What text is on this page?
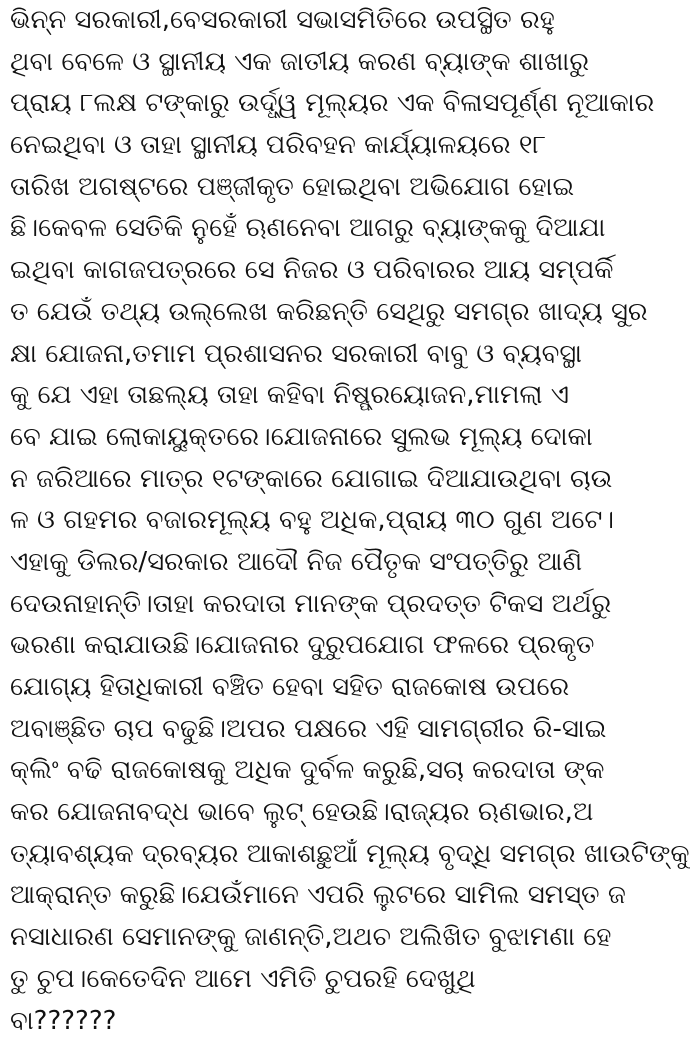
ଭିନ୍ନ ସରକାରୀ,ବେସରକାରୀ ସଭାସମିତିରେ ଉପସ୍ଥିତ ରହୁ
ଥିବା ବେଳେ ଓ ସ୍ଥାନୀୟ ଏକ ଜାତୀୟ କରଣ ବ୍ୟାଙ୍କ ଶାଖାରୁ
ପ୍ରାୟ ୮ଲକ୍ଷ ଟଙ୍କାରୁ ଉର୍ଦ୍ଧ୍ୱ ମୂଲ୍ୟର ଏକ ବିଳାସପୂର୍ଣ୍ଣ ନୂଆକାର
ନେଇଥିବା ଓ ତାହା ସ୍ଥାନୀୟ ପରିବହନ କାର୍ଯ୍ୟାଳୟରେ ୧୮
ତାରିଖ ଅଗଷ୍ଟରେ ପଞ୍ଜୀକୃତ ହୋଇଥିବା ଅଭିଯୋଗ ହୋଇ
ଛି।କେବଳ ସେତିକି ନୁହେଁ ଋଣନେବା ଆଗରୁ ବ୍ୟାଙ୍କକୁ ଦିଆଯା
ଇଥିବା କାଗଜପତ୍ରରେ ସେ ନିଜର ଓ ପରିବାରର ଆୟ ସମ୍ପର୍କି
ତ ଯେଉଁ ତଥ୍ୟ ଉଲ୍ଲେଖ କରିଛନ୍ତି ସେଥିରୁ ସମଗ୍ର ଖାଦ୍ୟ ସୁର
କ୍ଷା ଯୋଜନା,ତମାମ ପ୍ରଶାସନର ସରକାରୀ ବାବୁ ଓ ବ୍ୟବସ୍ଥା
କୁ ଯେ ଏହା ତାଛଲ୍ୟ ତାହା କହିବା ନିଷ୍ପ୍ରୟୋଜନ,ମାମଲା ଏ
ବେ ଯାଇ ଲୋକାୟୁକ୍ତରେ।ଯୋଜନାରେ ସୁଲଭ ମୂଲ୍ୟ ଦୋକା
ନ ଜରିଆରେ ମାତ୍ର ୧ଟଙ୍କାରେ ଯୋଗାଇ ଦିଆଯାଉଥିବା ଚାଉ
ଳ ଓ ଗହମର ବଜାରମୂଲ୍ୟ ବହୁ ଅଧିକ,ପ୍ରାୟ ୩୦ ଗୁଣ ଅଟେ।
ଏହାକୁ ଡିଲର/ସରକାର ଆଦୌ ନିଜ ପୈତୃକ ସଂପତ୍ତିରୁ ଆଣି
ଦେଉନାହାନ୍ତି।ତାହା କରଦାତା ମାନଙ୍କ ପ୍ରଦତ୍ତ ଟିକସ ଅର୍ଥରୁ
ଭରଣା କରାଯାଉଛି।ଯୋଜନାର ଦୁରୁପଯୋଗ ଫଳରେ ପ୍ରକୃତ
ଯୋଗ୍ୟ ହିତାଧିକାରୀ ବଞ୍ଚିତ ହେବା ସହିତ ରାଜକୋଷ ଉପରେ
ଅବାଞ୍ଛିତ ଚାପ ବଢୁଛି।ଅପର ପକ୍ଷରେ ଏହି ସାମଗ୍ରୀର ରି-ସାଇ
କ୍ଲିଂ ବଢି ରାଜକୋଷକୁ ଅଧିକ ଦୁର୍ବଳ କରୁଛି,ସଚା କରଦାତା ଙ୍କ
କର ଯୋଜନାବଦ୍ଧ ଭାବେ ଲୁଟ୍ ହେଉଛି।ରାଜ୍ୟର ଋଣଭାର,ଅ
ତ୍ୟାବଶ୍ୟକ ଦ୍ରବ୍ୟର ଆକାଶଛୁଆଁ ମୂଲ୍ୟ ବୃଦ୍ଧି ସମଗ୍ର ଖାଉଟିଙ୍କୁ
ଆକ୍ରାନ୍ତ କରୁଛି।ଯେଉଁମାନେ ଏପରି ଲୁଟରେ ସାମିଲ ସମସ୍ତ ଜ
ନସାଧାରଣ ସେମାନଙ୍କୁ ଜାଣନ୍ତି,ଅଥଚ ଅଲିଖିତ ବୁଝାମଣା ହେ
ତୁ ଚୁପ।କେତେଦିନ ଆମେ ଏମିତି ଚୁପରହି ଦେଖୁଥି
ବା??????
